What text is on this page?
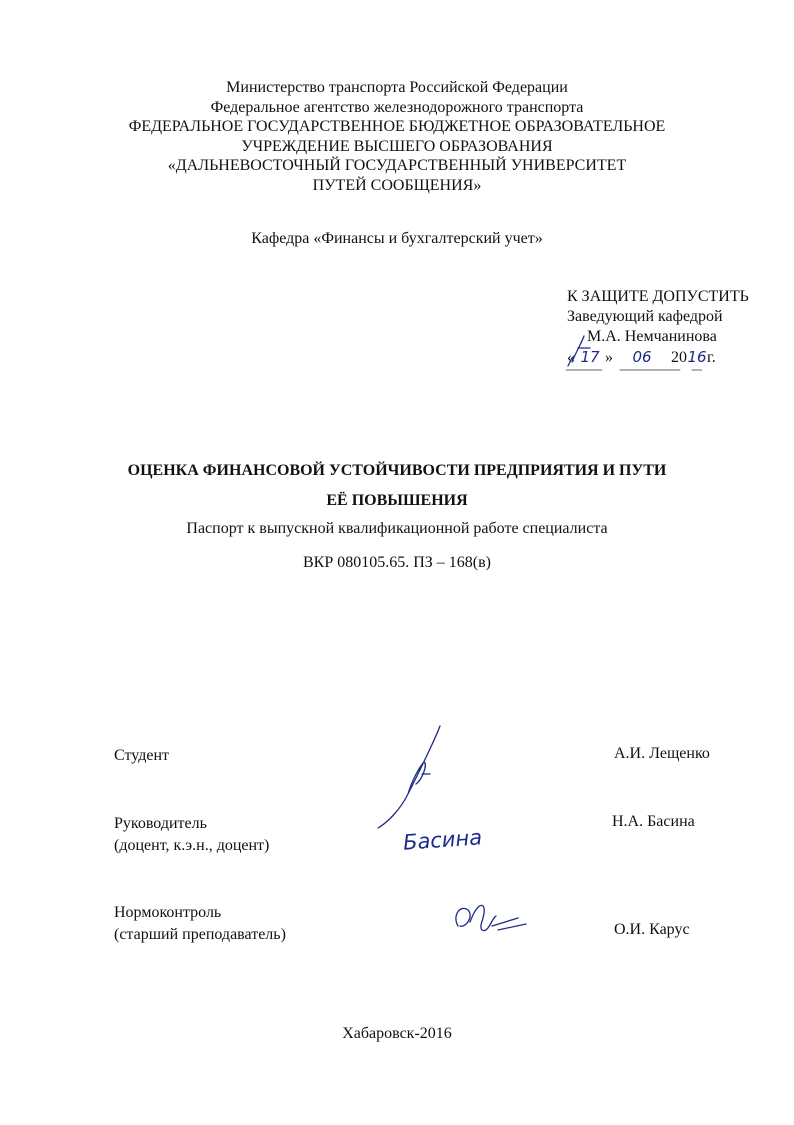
Министерство транспорта Российской Федерации
Федеральное агентство железнодорожного транспорта
ФЕДЕРАЛЬНОЕ ГОСУДАРСТВЕННОЕ БЮДЖЕТНОЕ ОБРАЗОВАТЕЛЬНОЕ
УЧРЕЖДЕНИЕ ВЫСШЕГО ОБРАЗОВАНИЯ
«ДАЛЬНЕВОСТОЧНЫЙ ГОСУДАРСТВЕННЫЙ УНИВЕРСИТЕТ
ПУТЕЙ СООБЩЕНИЯ»
Кафедра «Финансы и бухгалтерский учет»
К ЗАЩИТЕ ДОПУСТИТЬ
Заведующий кафедрой
М.А. Немчанинова
« 17 » 06 2016г.
ОЦЕНКА ФИНАНСОВОЙ УСТОЙЧИВОСТИ ПРЕДПРИЯТИЯ И ПУТИ
ЕЁ ПОВЫШЕНИЯ
Паспорт к выпускной квалификационной работе специалиста
ВКР 080105.65. ПЗ – 168(в)
Студент	А.И. Лещенко
Руководитель
(доцент, к.э.н., доцент)
Н.А. Басина
Басина
Нормоконтроль
(старший преподаватель)	О.И. Карус
Хабаровск-2016
